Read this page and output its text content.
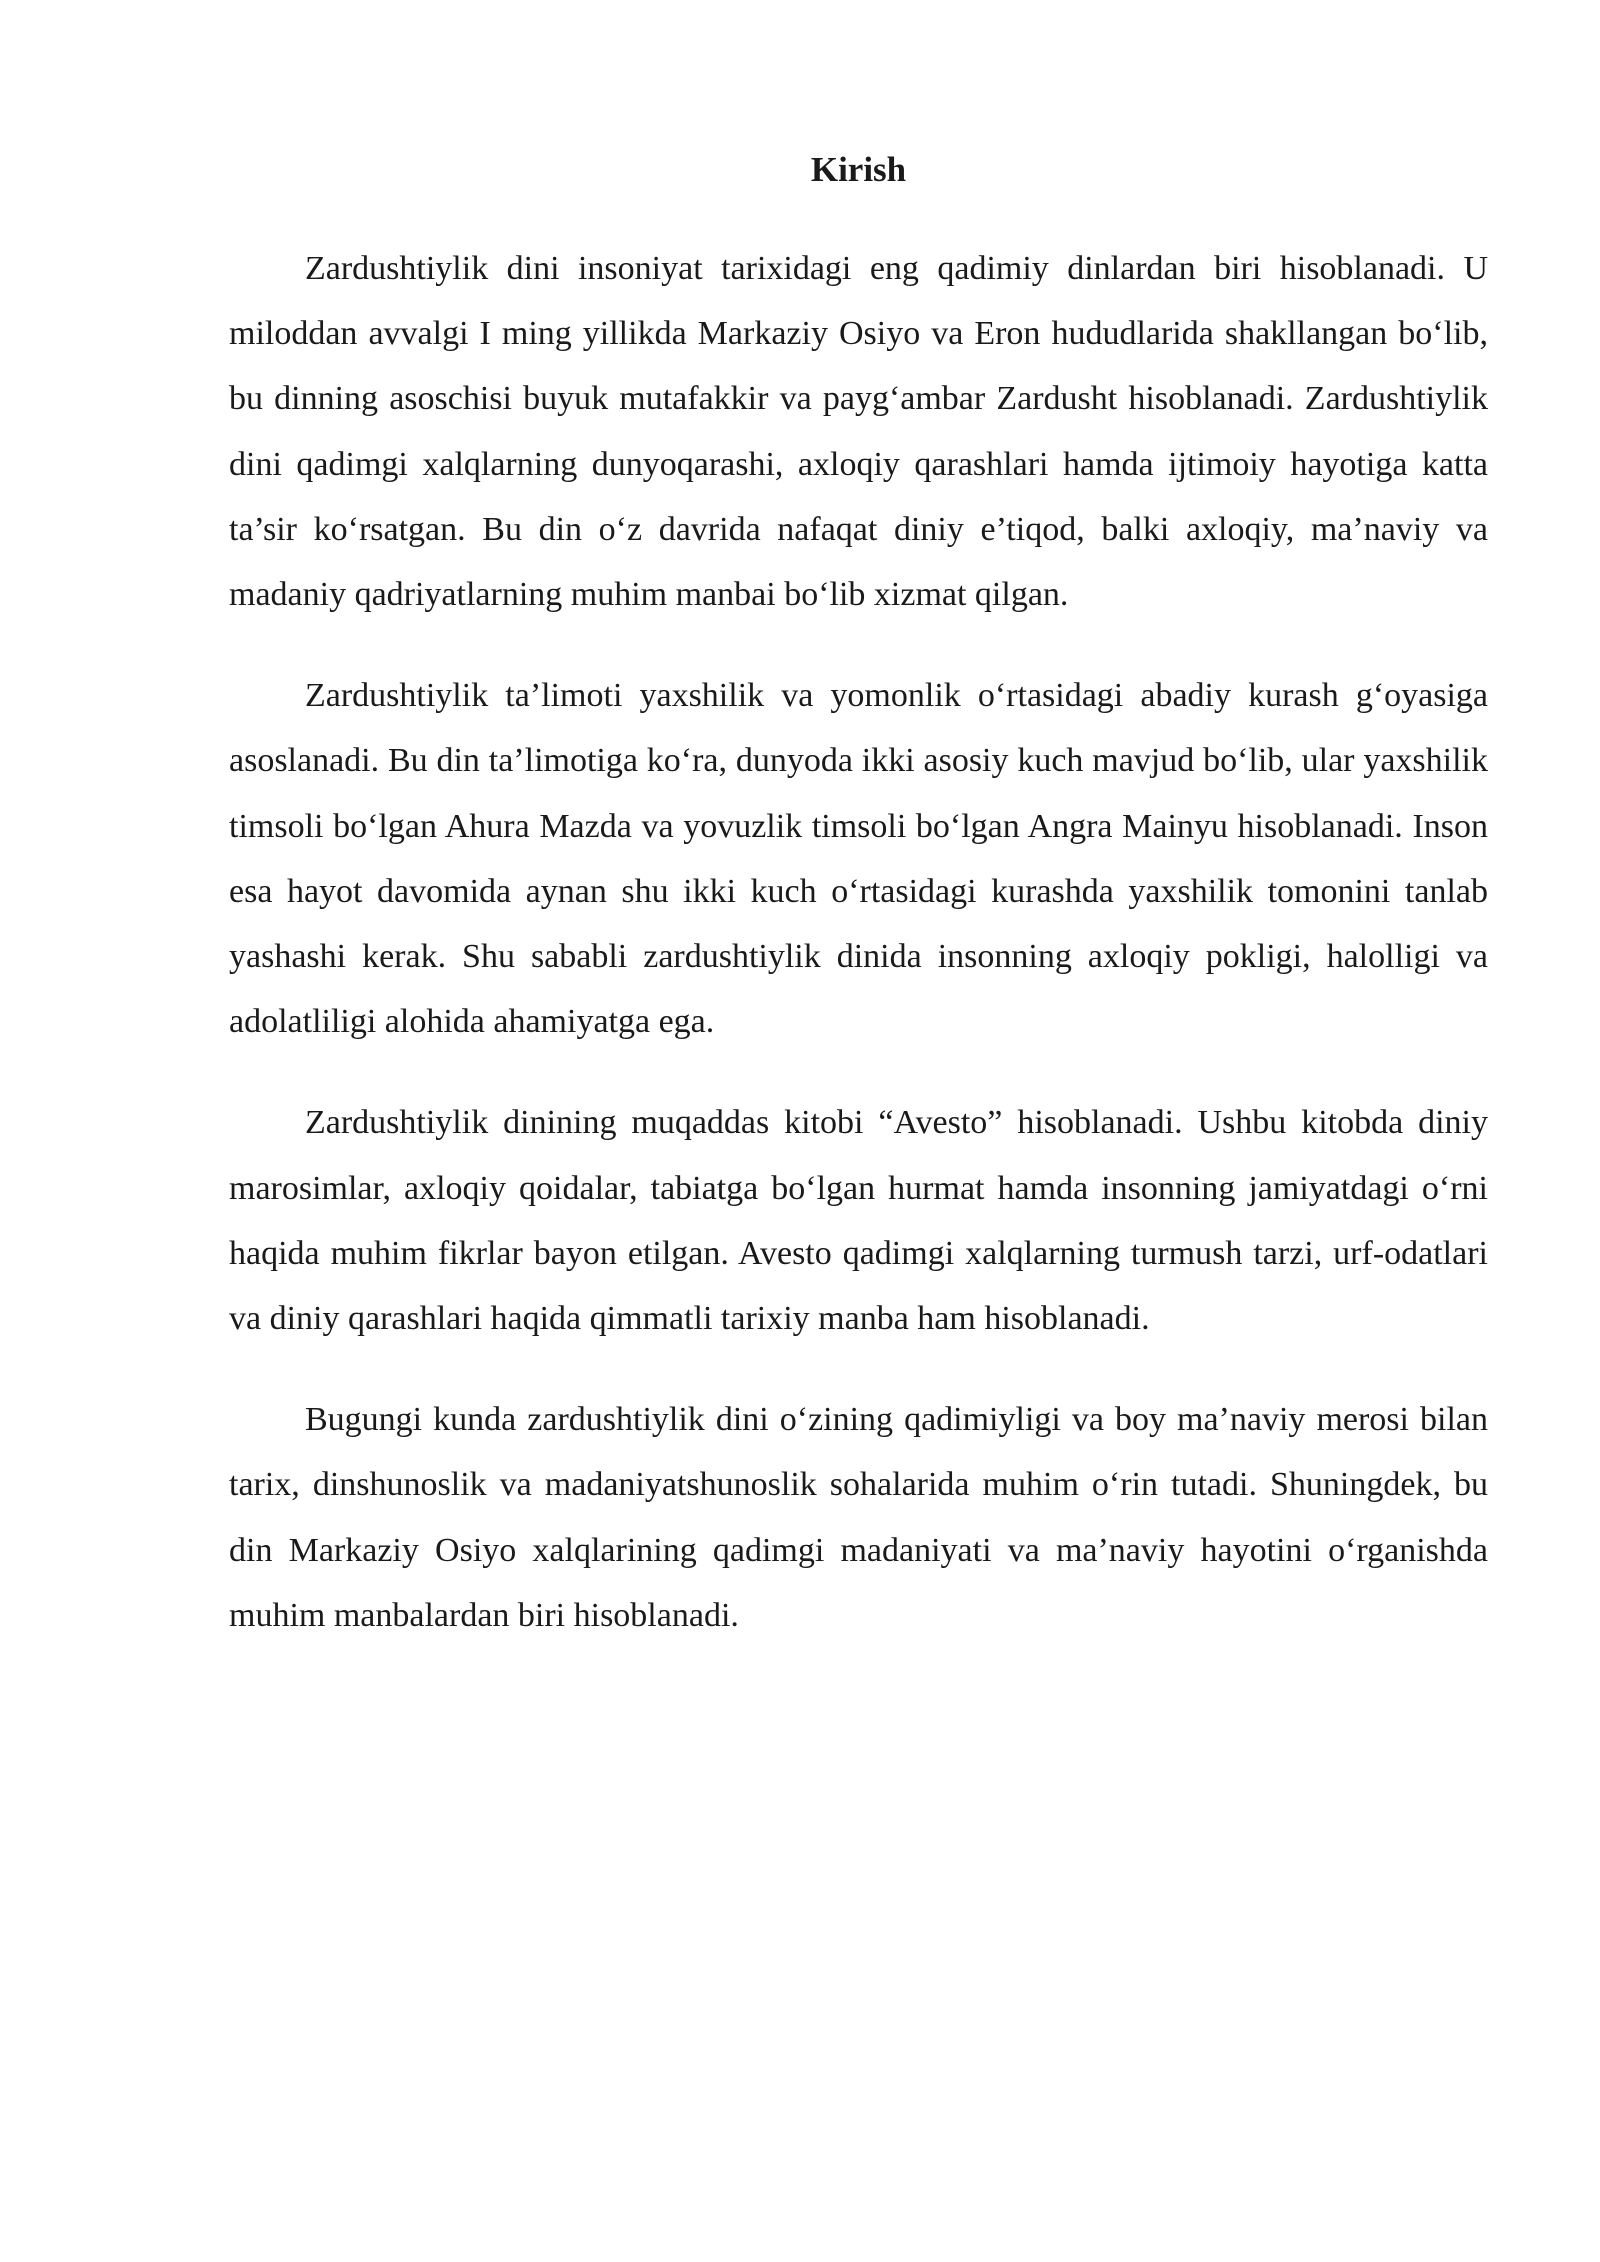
Kirish

Zardushtiylik dini insoniyat tarixidagi eng qadimiy dinlardan biri hisoblanadi. U miloddan avvalgi I ming yillikda Markaziy Osiyo va Eron hududlarida shakllangan bo‘lib, bu dinning asoschisi buyuk mutafakkir va payg‘ambar Zardusht hisoblanadi. Zardushtiylik dini qadimgi xalqlarning dunyoqarashi, axloqiy qarashlari hamda ijtimoiy hayotiga katta ta’sir ko‘rsatgan. Bu din o‘z davrida nafaqat diniy e’tiqod, balki axloqiy, ma’naviy va madaniy qadriyatlarning muhim manbai bo‘lib xizmat qilgan.

Zardushtiylik ta’limoti yaxshilik va yomonlik o‘rtasidagi abadiy kurash g‘oyasiga asoslanadi. Bu din ta’limotiga ko‘ra, dunyoda ikki asosiy kuch mavjud bo‘lib, ular yaxshilik timsoli bo‘lgan Ahura Mazda va yovuzlik timsoli bo‘lgan Angra Mainyu hisoblanadi. Inson esa hayot davomida aynan shu ikki kuch o‘rtasidagi kurashda yaxshilik tomonini tanlab yashashi kerak. Shu sababli zardushtiylik dinida insonning axloqiy pokligi, halolligi va adolatliligi alohida ahamiyatga ega.

Zardushtiylik dinining muqaddas kitobi “Avesto” hisoblanadi. Ushbu kitobda diniy marosimlar, axloqiy qoidalar, tabiatga bo‘lgan hurmat hamda insonning jamiyatdagi o‘rni haqida muhim fikrlar bayon etilgan. Avesto qadimgi xalqlarning turmush tarzi, urf-odatlari va diniy qarashlari haqida qimmatli tarixiy manba ham hisoblanadi.

Bugungi kunda zardushtiylik dini o‘zining qadimiyligi va boy ma’naviy merosi bilan tarix, dinshunoslik va madaniyatshunoslik sohalarida muhim o‘rin tutadi. Shuningdek, bu din Markaziy Osiyo xalqlarining qadimgi madaniyati va ma’naviy hayotini o‘rganishda muhim manbalardan biri hisoblanadi.
